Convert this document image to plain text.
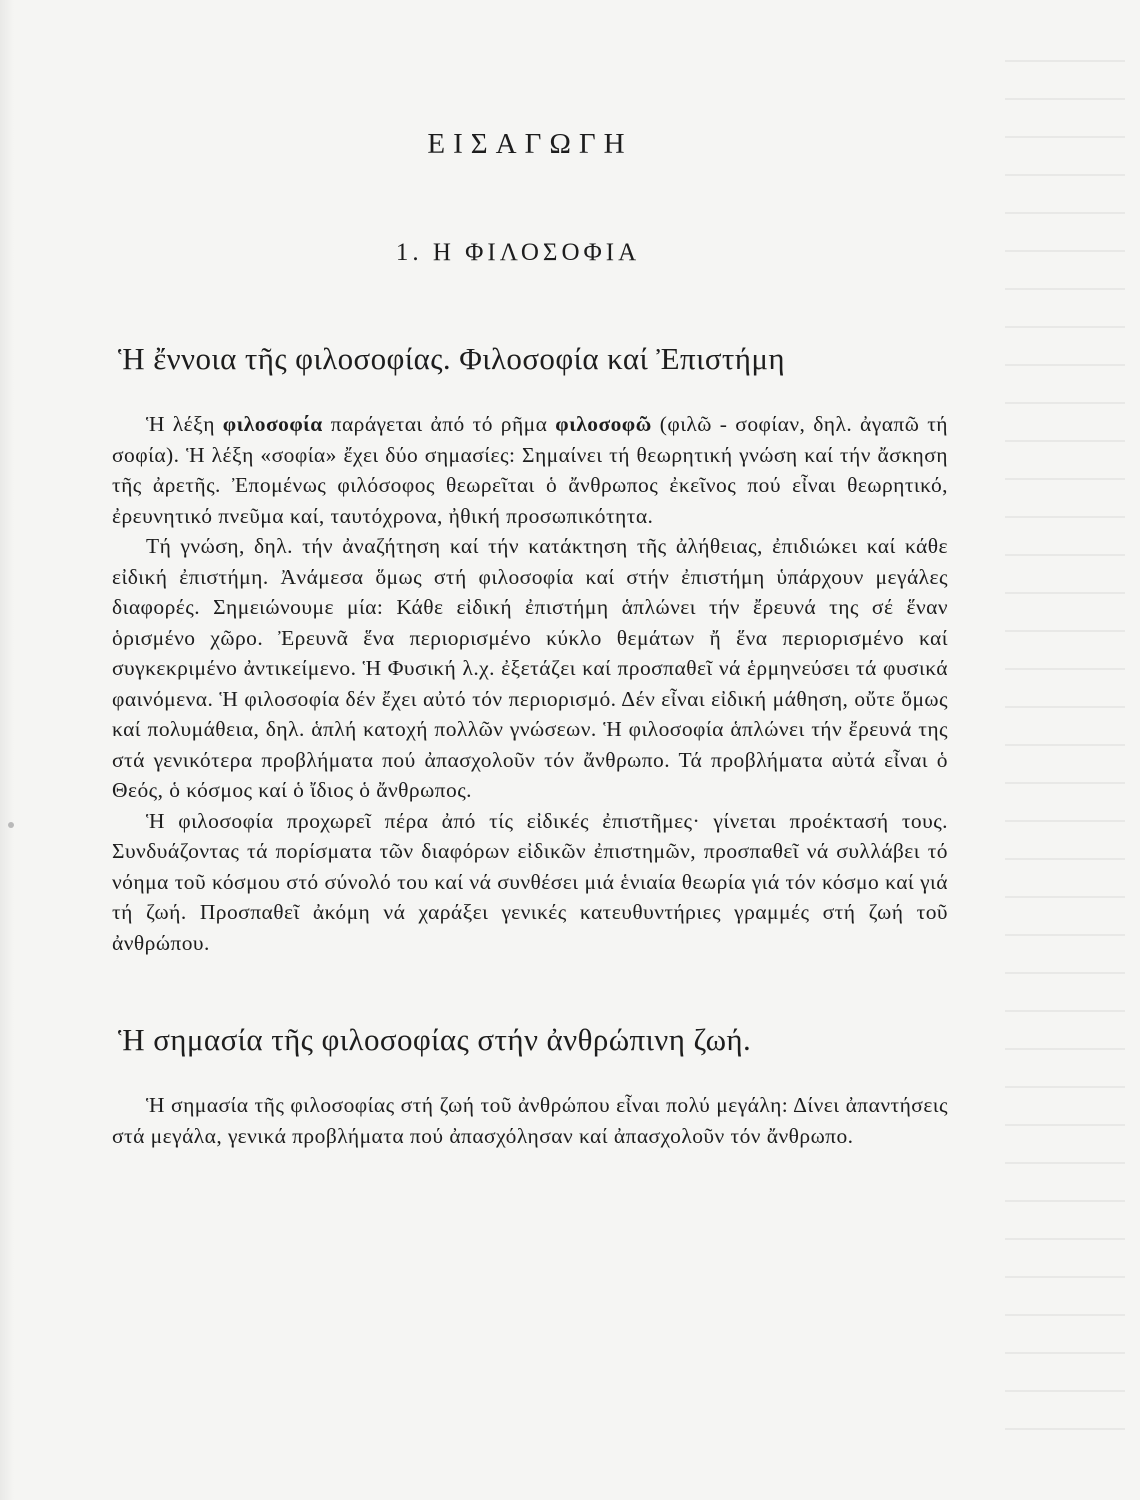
ΕΙΣΑΓΩΓΗ
1. Η ΦΙΛΟΣΟΦΙΑ
Ἡ ἔννοια τῆς φιλοσοφίας. Φιλοσοφία καί Ἐπιστήμη

Ἡ λέξη φιλοσοφία παράγεται ἀπό τό ρῆμα φιλοσοφῶ (φιλῶ - σοφίαν, δηλ. ἀγαπῶ τή σοφία). Ἡ λέξη «σοφία» ἔχει δύο σημασίες: Σημαίνει τή θεωρητική γνώση καί τήν ἄσκηση τῆς ἀρετῆς. Ἐπομένως φιλόσοφος θεωρεῖται ὁ ἄνθρωπος ἐκεῖνος πού εἶναι θεωρητικό, ἐρευνητικό πνεῦμα καί, ταυτόχρονα, ἠθική προσωπικότητα.

Τή γνώση, δηλ. τήν ἀναζήτηση καί τήν κατάκτηση τῆς ἀλήθειας, ἐπιδιώκει καί κάθε εἰδική ἐπιστήμη. Ἀνάμεσα ὅμως στή φιλοσοφία καί στήν ἐπιστήμη ὑπάρχουν μεγάλες διαφορές. Σημειώνουμε μία: Κάθε εἰδική ἐπιστήμη ἁπλώνει τήν ἔρευνά της σέ ἕναν ὁρισμένο χῶρο. Ἐρευνᾶ ἕνα περιορισμένο κύκλο θεμάτων ἤ ἕνα περιορισμένο καί συγκεκριμένο ἀντικείμενο. Ἡ Φυσική λ.χ. ἐξετάζει καί προσπαθεῖ νά ἑρμηνεύσει τά φυσικά φαινόμενα. Ἡ φιλοσοφία δέν ἔχει αὐτό τόν περιορισμό. Δέν εἶναι εἰδική μάθηση, οὔτε ὅμως καί πολυμάθεια, δηλ. ἁπλή κατοχή πολλῶν γνώσεων. Ἡ φιλοσοφία ἁπλώνει τήν ἔρευνά της στά γενικότερα προβλήματα πού ἀπασχολοῦν τόν ἄνθρωπο. Τά προβλήματα αὐτά εἶναι ὁ Θεός, ὁ κόσμος καί ὁ ἴδιος ὁ ἄνθρωπος.

Ἡ φιλοσοφία προχωρεῖ πέρα ἀπό τίς εἰδικές ἐπιστῆμες· γίνεται προέκτασή τους. Συνδυάζοντας τά πορίσματα τῶν διαφόρων εἰδικῶν ἐπιστημῶν, προσπαθεῖ νά συλλάβει τό νόημα τοῦ κόσμου στό σύνολό του καί νά συνθέσει μιά ἑνιαία θεωρία γιά τόν κόσμο καί γιά τή ζωή. Προσπαθεῖ ἀκόμη νά χαράξει γενικές κατευθυντήριες γραμμές στή ζωή τοῦ ἀνθρώπου.

Ἡ σημασία τῆς φιλοσοφίας στήν ἀνθρώπινη ζωή.

Ἡ σημασία τῆς φιλοσοφίας στή ζωή τοῦ ἀνθρώπου εἶναι πολύ μεγάλη: Δίνει ἀπαντήσεις στά μεγάλα, γενικά προβλήματα πού ἀπασχόλησαν καί ἀπασχολοῦν τόν ἄνθρωπο.
